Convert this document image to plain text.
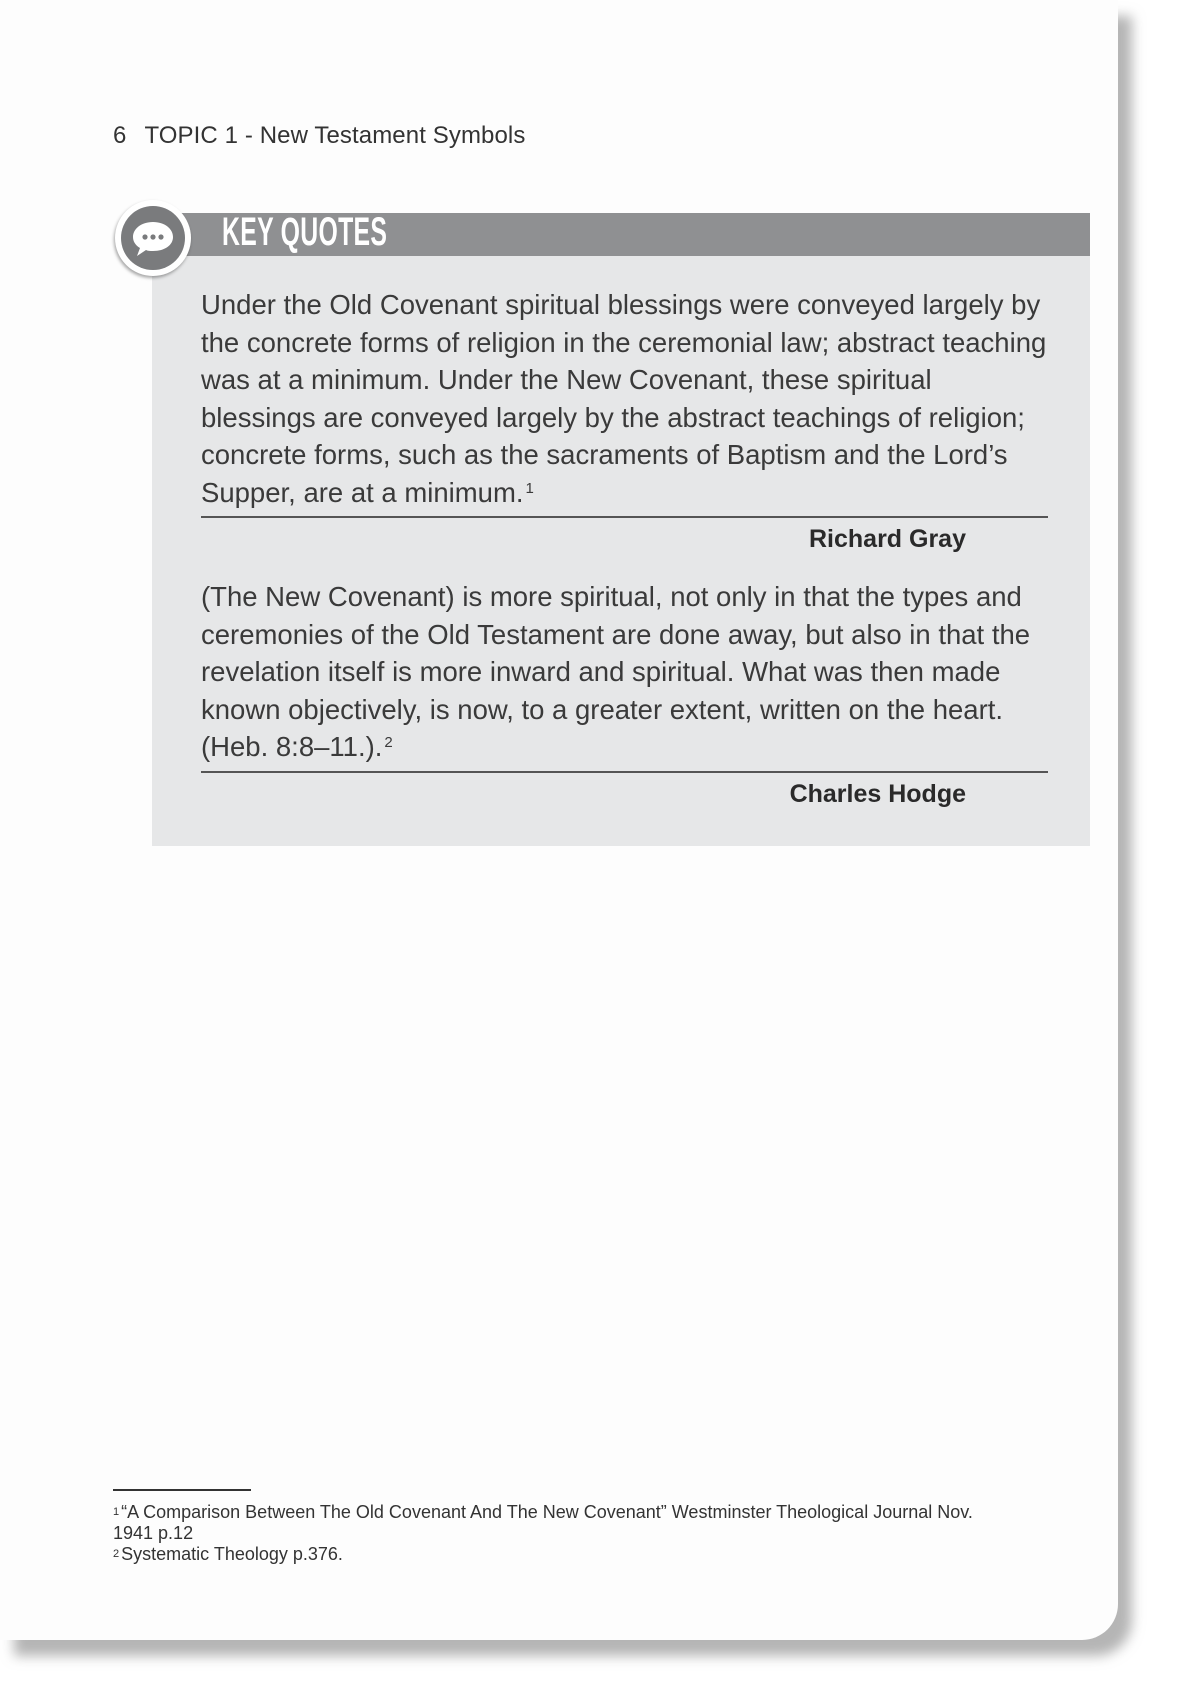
6 TOPIC 1 - New Testament Symbols
KEY QUOTES
Under the Old Covenant spiritual blessings were conveyed largely by the concrete forms of religion in the ceremonial law; abstract teaching was at a minimum. Under the New Covenant, these spiritual blessings are conveyed largely by the abstract teachings of religion; concrete forms, such as the sacraments of Baptism and the Lord’s Supper, are at a minimum. $^1$
Richard Gray
(The New Covenant) is more spiritual, not only in that the types and ceremonies of the Old Testament are done away, but also in that the revelation itself is more inward and spiritual. What was then made known objectively, is now, to a greater extent, written on the heart. (Heb. 8:8–11.). $^2$
Charles Hodge

$^1$ “A Comparison Between The Old Covenant And The New Covenant” Westminster Theological Journal Nov. 1941 p.12

$^2$ Systematic Theology p.376.
